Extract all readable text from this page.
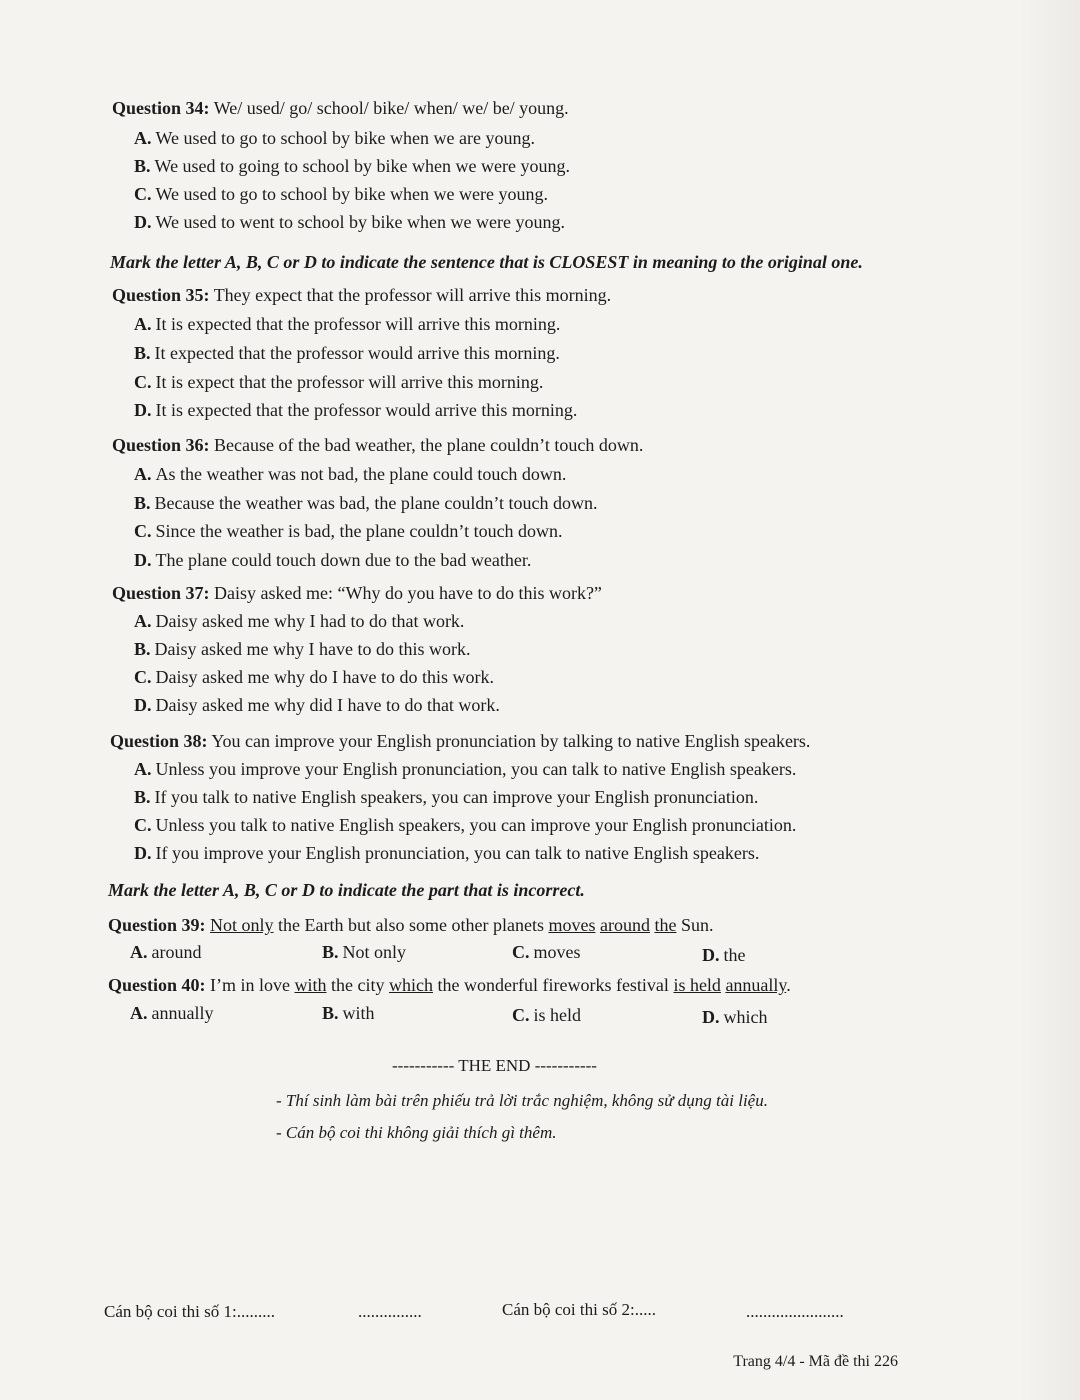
Question 34: We/ used/ go/ school/ bike/ when/ we/ be/ young.
A. We used to go to school by bike when we are young.
B. We used to going to school by bike when we were young.
C. We used to go to school by bike when we were young.
D. We used to went to school by bike when we were young.
Mark the letter A, B, C or D to indicate the sentence that is CLOSEST in meaning to the original one.
Question 35: They expect that the professor will arrive this morning.
A. It is expected that the professor will arrive this morning.
B. It expected that the professor would arrive this morning.
C. It is expect that the professor will arrive this morning.
D. It is expected that the professor would arrive this morning.
Question 36: Because of the bad weather, the plane couldn’t touch down.
A. As the weather was not bad, the plane could touch down.
B. Because the weather was bad, the plane couldn’t touch down.
C. Since the weather is bad, the plane couldn’t touch down.
D. The plane could touch down due to the bad weather.
Question 37: Daisy asked me: “Why do you have to do this work?”
A. Daisy asked me why I had to do that work.
B. Daisy asked me why I have to do this work.
C. Daisy asked me why do I have to do this work.
D. Daisy asked me why did I have to do that work.
Question 38: You can improve your English pronunciation by talking to native English speakers.
A. Unless you improve your English pronunciation, you can talk to native English speakers.
B. If you talk to native English speakers, you can improve your English pronunciation.
C. Unless you talk to native English speakers, you can improve your English pronunciation.
D. If you improve your English pronunciation, you can talk to native English speakers.
Mark the letter A, B, C or D to indicate the part that is incorrect.
Question 39: Not only the Earth but also some other planets moves around the Sun.
A. around	B. Not only	C. moves	D. the
Question 40: I’m in love with the city which the wonderful fireworks festival is held annually.
A. annually	B. with	C. is held	D. which
----------- THE END -----------
- Thí sinh làm bài trên phiếu trả lời trắc nghiệm, không sử dụng tài liệu.
- Cán bộ coi thi không giải thích gì thêm.
Cán bộ coi thi số 1:.........	...............	Cán bộ coi thi số 2:.....	.......................
Trang 4/4 - Mã đề thi 226
